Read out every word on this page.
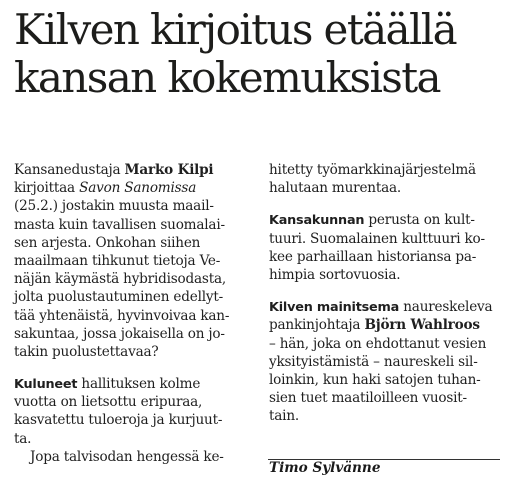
Kilven kirjoitus etäällä
kansan kokemuksista
Kansanedustaja Marko Kilpi
kirjoittaa Savon Sanomissa
(25.2.) jostakin muusta maail-
masta kuin tavallisen suomalai-
sen arjesta. Onkohan siihen
maailmaan tihkunut tietoja Ve-
näjän käymästä hybridisodasta,
jolta puolustautuminen edellyt-
tää yhtenäistä, hyvinvoivaa kan-
sakuntaa, jossa jokaisella on jo-
takin puolustettavaa?
Kuluneet hallituksen kolme
vuotta on lietsottu eripuraa,
kasvatettu tuloeroja ja kurjuut-
ta.
Jopa talvisodan hengessä ke-
hitetty työmarkkinajärjestelmä
halutaan murentaa.
Kansakunnan perusta on kult-
tuuri. Suomalainen kulttuuri ko-
kee parhaillaan historiansa pa-
himpia sortovuosia.
Kilven mainitsema naureskeleva
pankinjohtaja Björn Wahlroos
– hän, joka on ehdottanut vesien
yksityistämistä – naureskeli sil-
loinkin, kun haki satojen tuhan-
sien tuet maatiloilleen vuosit-
tain.
Timo Sylvänne
